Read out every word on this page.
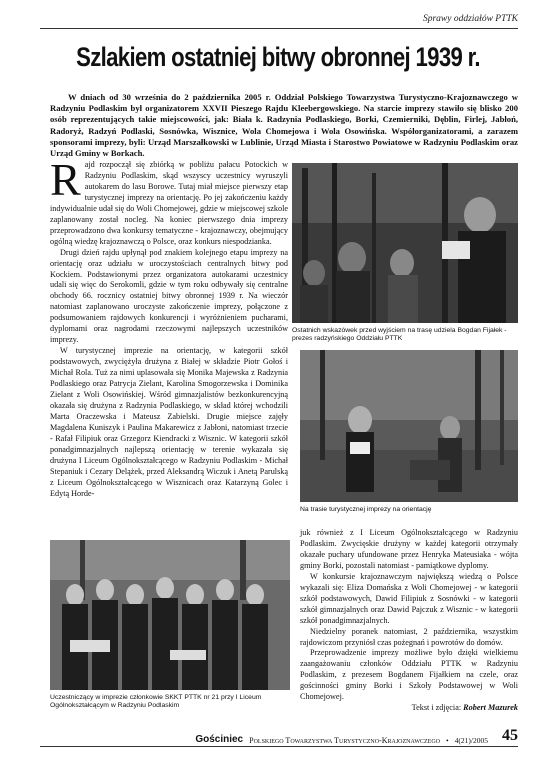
Sprawy oddziałów PTTK
Szlakiem ostatniej bitwy obronnej 1939 r.

W dniach od 30 września do 2 października 2005 r. Oddział Polskiego Towarzystwa Turystyczno-Krajoznawczego w Radzyniu Podlaskim był organizatorem XXVII Pieszego Rajdu Kleebergowskiego. Na starcie imprezy stawiło się blisko 200 osób reprezentujących takie miejscowości, jak: Biała k. Radzynia Podlaskiego, Borki, Czemierniki, Dęblin, Firlej, Jabłoń, Radoryż, Radzyń Podlaski, Sosnówka, Wisznice, Wola Chomejowa i Wola Osowińska. Współorganizatorami, a zarazem sponsorami imprezy, byli: Urząd Marszałkowski w Lublinie, Urząd Miasta i Starostwo Powiatowe w Radzyniu Podlaskim oraz Urząd Gminy w Borkach.

Rajd rozpoczął się zbiórką w pobliżu pałacu Potockich w Radzyniu Podlaskim, skąd wszyscy uczestnicy wyruszyli autokarem do lasu Borowe. Tutaj miał miejsce pierwszy etap turystycznej imprezy na orientację. Po jej zakończeniu każdy indywidualnie udał się do Woli Chomejowej, gdzie w miejscowej szkole zaplanowany został nocleg. Na koniec pierwszego dnia imprezy przeprowadzono dwa konkursy tematyczne - krajoznawczy, obejmujący ogólną wiedzę krajoznawczą o Polsce, oraz konkurs niespodzianka.

Drugi dzień rajdu upłynął pod znakiem kolejnego etapu imprezy na orientację oraz udziału w uroczystościach centralnych bitwy pod Kockiem. Podstawionymi przez organizatora autokarami uczestnicy udali się więc do Serokomli, gdzie w tym roku odbywały się centralne obchody 66. rocznicy ostatniej bitwy obronnej 1939 r. Na wieczór natomiast zaplanowano uroczyste zakończenie imprezy, połączone z podsumowaniem rajdowych konkurencji i wyróżnieniem pucharami, dyplomami oraz nagrodami rzeczowymi najlepszych uczestników imprezy.

W turystycznej imprezie na orientację, w kategorii szkół podstawowych, zwyciężyła drużyna z Białej w składzie Piotr Gołoś i Michał Rola. Tuż za nimi uplasowała się Monika Majewska z Radzynia Podlaskiego oraz Patrycja Zielant, Karolina Smogorzewska i Dominika Zielant z Woli Osowińskiej. Wśród gimnazjalistów bezkonkurencyjną okazała się drużyna z Radzynia Podlaskiego, w skład której wchodzili Marta Oraczewska i Mateusz Zabielski. Drugie miejsce zajęły Magdalena Kuniszyk i Paulina Makarewicz z Jabłoni, natomiast trzecie - Rafał Filipiuk oraz Grzegorz Kiendracki z Wisznic. W kategorii szkół ponadgimnazjalnych najlepszą orientację w terenie wykazała się drużyna I Liceum Ogólnokształcącego w Radzyniu Podlaskim - Michał Stepaniuk i Cezary Delążek, przed Aleksandrą Wiczuk i Anetą Parulską z Liceum Ogólnokształcącego w Wisznicach oraz Katarzyną Golec i Edytą Horde-

Ostatnich wskazówek przed wyjściem na trasę udziela Bogdan Fijałek - prezes radzyńskiego Oddziału PTTK
Na trasie turystycznej imprezy na orientację
Uczestniczący w imprezie członkowie SKKT PTTK nr 21 przy I Liceum Ogólnokształcącym w Radzyniu Podlaskim

juk również z I Liceum Ogólnokształcącego w Radzyniu Podlaskim. Zwycięskie drużyny w każdej kategorii otrzymały okazałe puchary ufundowane przez Henryka Mateusiaka - wójta gminy Borki, pozostali natomiast - pamiątkowe dyplomy.

W konkursie krajoznawczym największą wiedzą o Polsce wykazali się: Eliza Domańska z Woli Chomejowej - w kategorii szkół podstawowych, Dawid Filipiuk z Sosnówki - w kategorii szkół gimnazjalnych oraz Dawid Pajczuk z Wisznic - w kategorii szkół ponadgimnazjalnych.

Niedzielny poranek natomiast, 2 października, wszystkim rajdowiczom przyniósł czas pożegnań i powrotów do domów.

Przeprowadzenie imprezy możliwe było dzięki wielkiemu zaangażowaniu członków Oddziału PTTK w Radzyniu Podlaskim, z prezesem Bogdanem Fijałkiem na czele, oraz gościnności gminy Borki i Szkoły Podstawowej w Woli Chomejowej.

Tekst i zdjęcia: Robert Mazurek

Gościniec Polskiego Towarzystwa Turystyczno-Krajoznawczego • 4(21)/2005 45
